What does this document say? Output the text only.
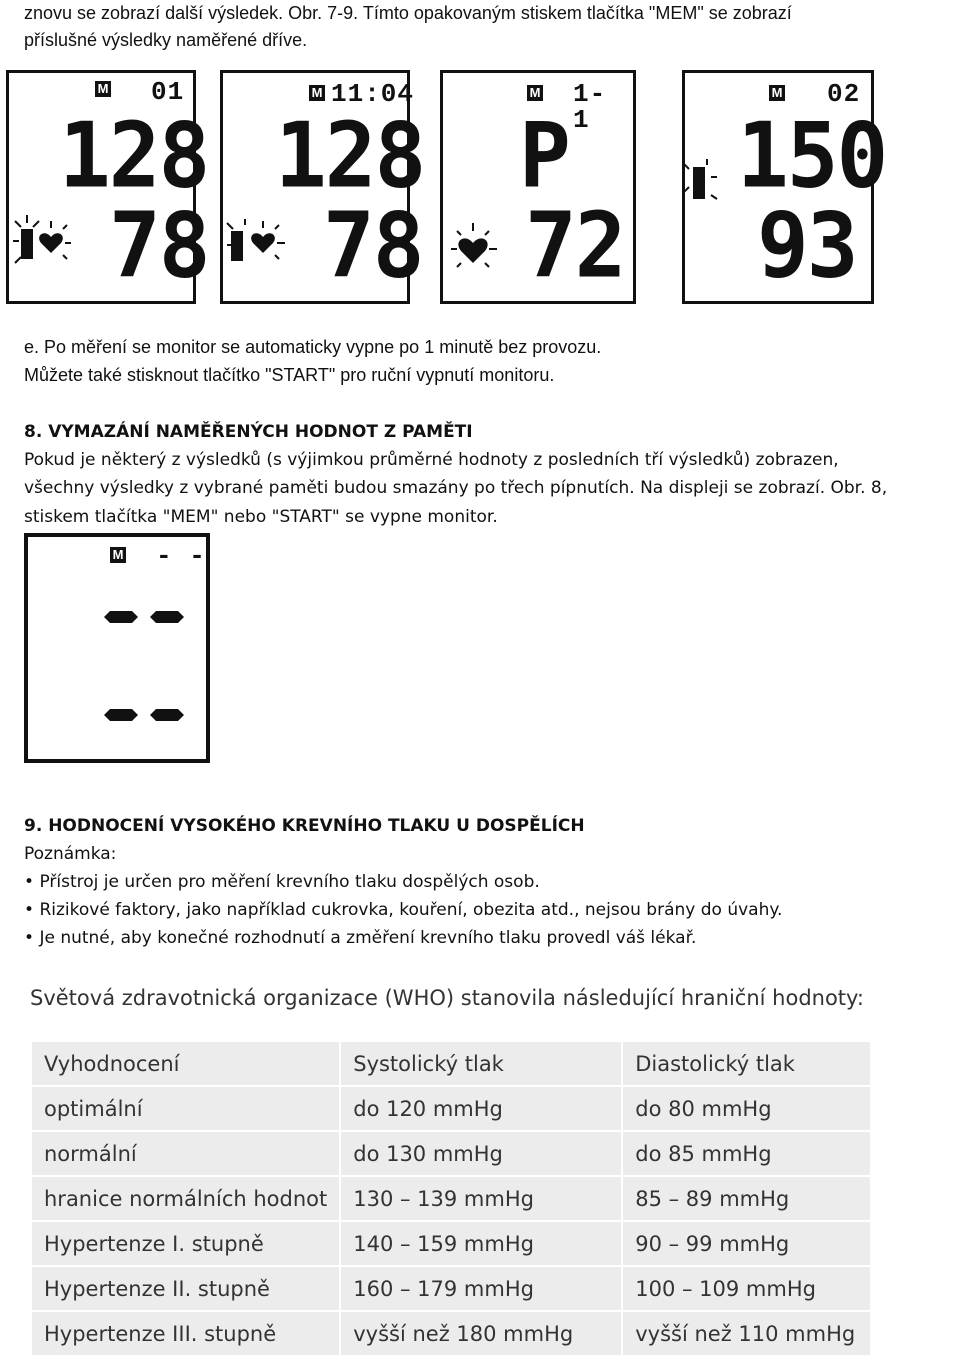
znovu se zobrazí další výsledek. Obr. 7-9. Tímto opakovaným stiskem tlačítka "MEM" se zobrazí
příslušné výsledky naměřené dříve.
M 01
128
78
M 11:04
128
78
M 1- 1
P
72
M 02
150
93
e. Po měření se monitor se automaticky vypne po 1 minutě bez provozu.
Můžete také stisknout tlačítko "START" pro ruční vypnutí monitoru.
8. VYMAZÁNÍ NAMĚŘENÝCH HODNOT Z PAMĚTI
Pokud je některý z výsledků (s výjimkou průměrné hodnoty z posledních tří výsledků) zobrazen,
všechny výsledky z vybrané paměti budou smazány po třech pípnutích. Na displeji se zobrazí. Obr. 8,
stiskem tlačítka "MEM" nebo "START" se vypne monitor.
M - -
9. HODNOCENÍ VYSOKÉHO KREVNÍHO TLAKU U DOSPĚLÍCH
Poznámka:
• Přístroj je určen pro měření krevního tlaku dospělých osob.
• Rizikové faktory, jako například cukrovka, kouření, obezita atd., nejsou brány do úvahy.
• Je nutné, aby konečné rozhodnutí a změření krevního tlaku provedl váš lékař.
Světová zdravotnická organizace (WHO) stanovila následující hraniční hodnoty:
Vyhodnocení	Systolický tlak	Diastolický tlak
optimální	do 120 mmHg	do 80 mmHg
normální	do 130 mmHg	do 85 mmHg
hranice normálních hodnot	130 – 139 mmHg	85 – 89 mmHg
Hypertenze I. stupně	140 – 159 mmHg	90 – 99 mmHg
Hypertenze II. stupně	160 – 179 mmHg	100 – 109 mmHg
Hypertenze III. stupně	vyšší než 180 mmHg	vyšší než 110 mmHg
